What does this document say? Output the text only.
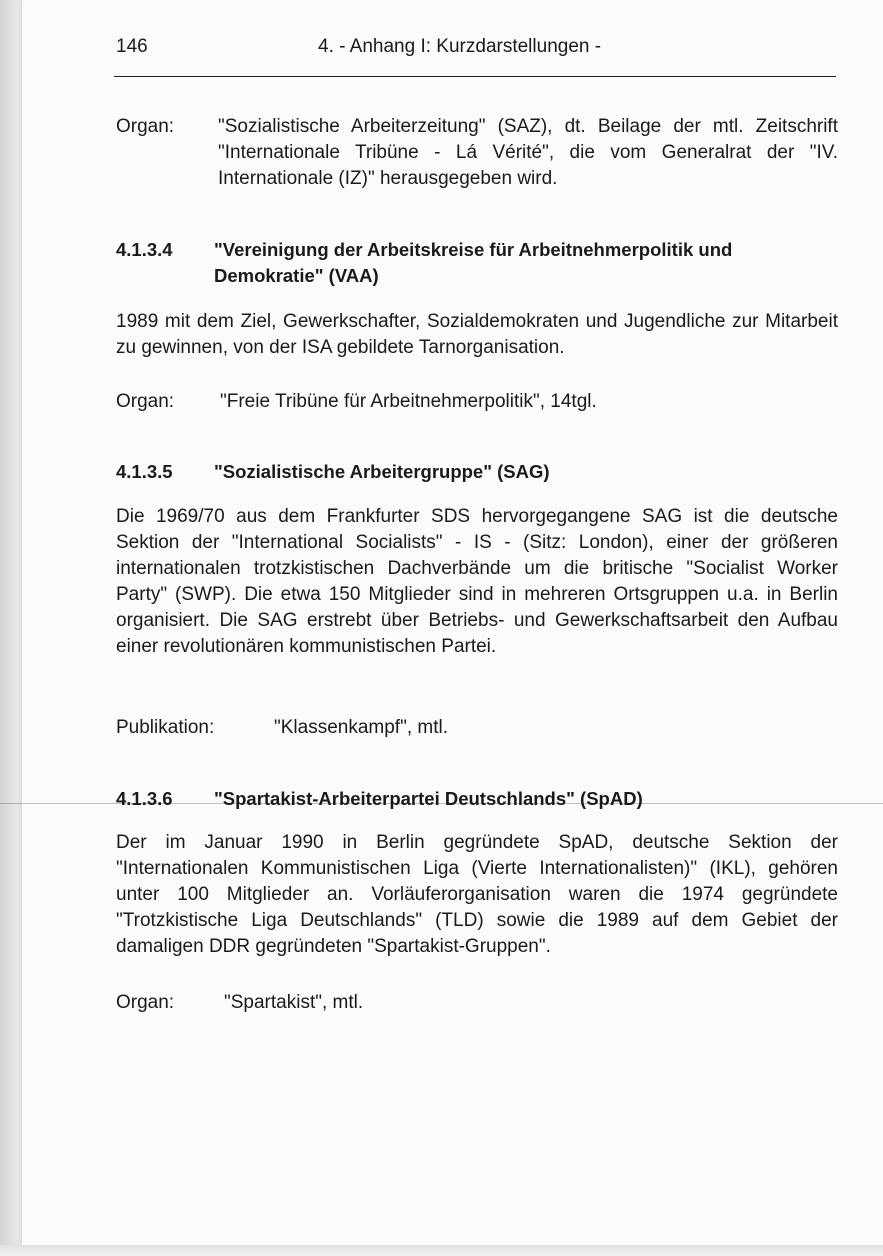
146	4. - Anhang I: Kurzdarstellungen -
Organ: "Sozialistische Arbeiterzeitung" (SAZ), dt. Beilage der mtl. Zeitschrift "Internationale Tribüne - Lá Vérité", die vom Generalrat der "IV. Internationale (IZ)" herausgegeben wird.
4.1.3.4 "Vereinigung der Arbeitskreise für Arbeitnehmerpolitik und Demokratie" (VAA)
1989 mit dem Ziel, Gewerkschafter, Sozialdemokraten und Jugendliche zur Mitarbeit zu gewinnen, von der ISA gebildete Tarnorganisation.
Organ: "Freie Tribüne für Arbeitnehmerpolitik", 14tgl.
4.1.3.5 "Sozialistische Arbeitergruppe" (SAG)
Die 1969/70 aus dem Frankfurter SDS hervorgegangene SAG ist die deutsche Sektion der "International Socialists" - IS - (Sitz: London), einer der größeren internationalen trotzkistischen Dachverbände um die britische "Socialist Worker Party" (SWP). Die etwa 150 Mitglieder sind in mehreren Ortsgruppen u.a. in Berlin organisiert. Die SAG erstrebt über Betriebs- und Gewerkschaftsarbeit den Aufbau einer revolutionären kommunistischen Partei.
Publikation:	"Klassenkampf", mtl.
4.1.3.6 "Spartakist-Arbeiterpartei Deutschlands" (SpAD)
Der im Januar 1990 in Berlin gegründete SpAD, deutsche Sektion der "Internationalen Kommunistischen Liga (Vierte Internationalisten)" (IKL), gehören unter 100 Mitglieder an. Vorläuferorganisation waren die 1974 gegründete "Trotzkistische Liga Deutschlands" (TLD) sowie die 1989 auf dem Gebiet der damaligen DDR gegründeten "Spartakist-Gruppen".
Organ:	"Spartakist", mtl.
